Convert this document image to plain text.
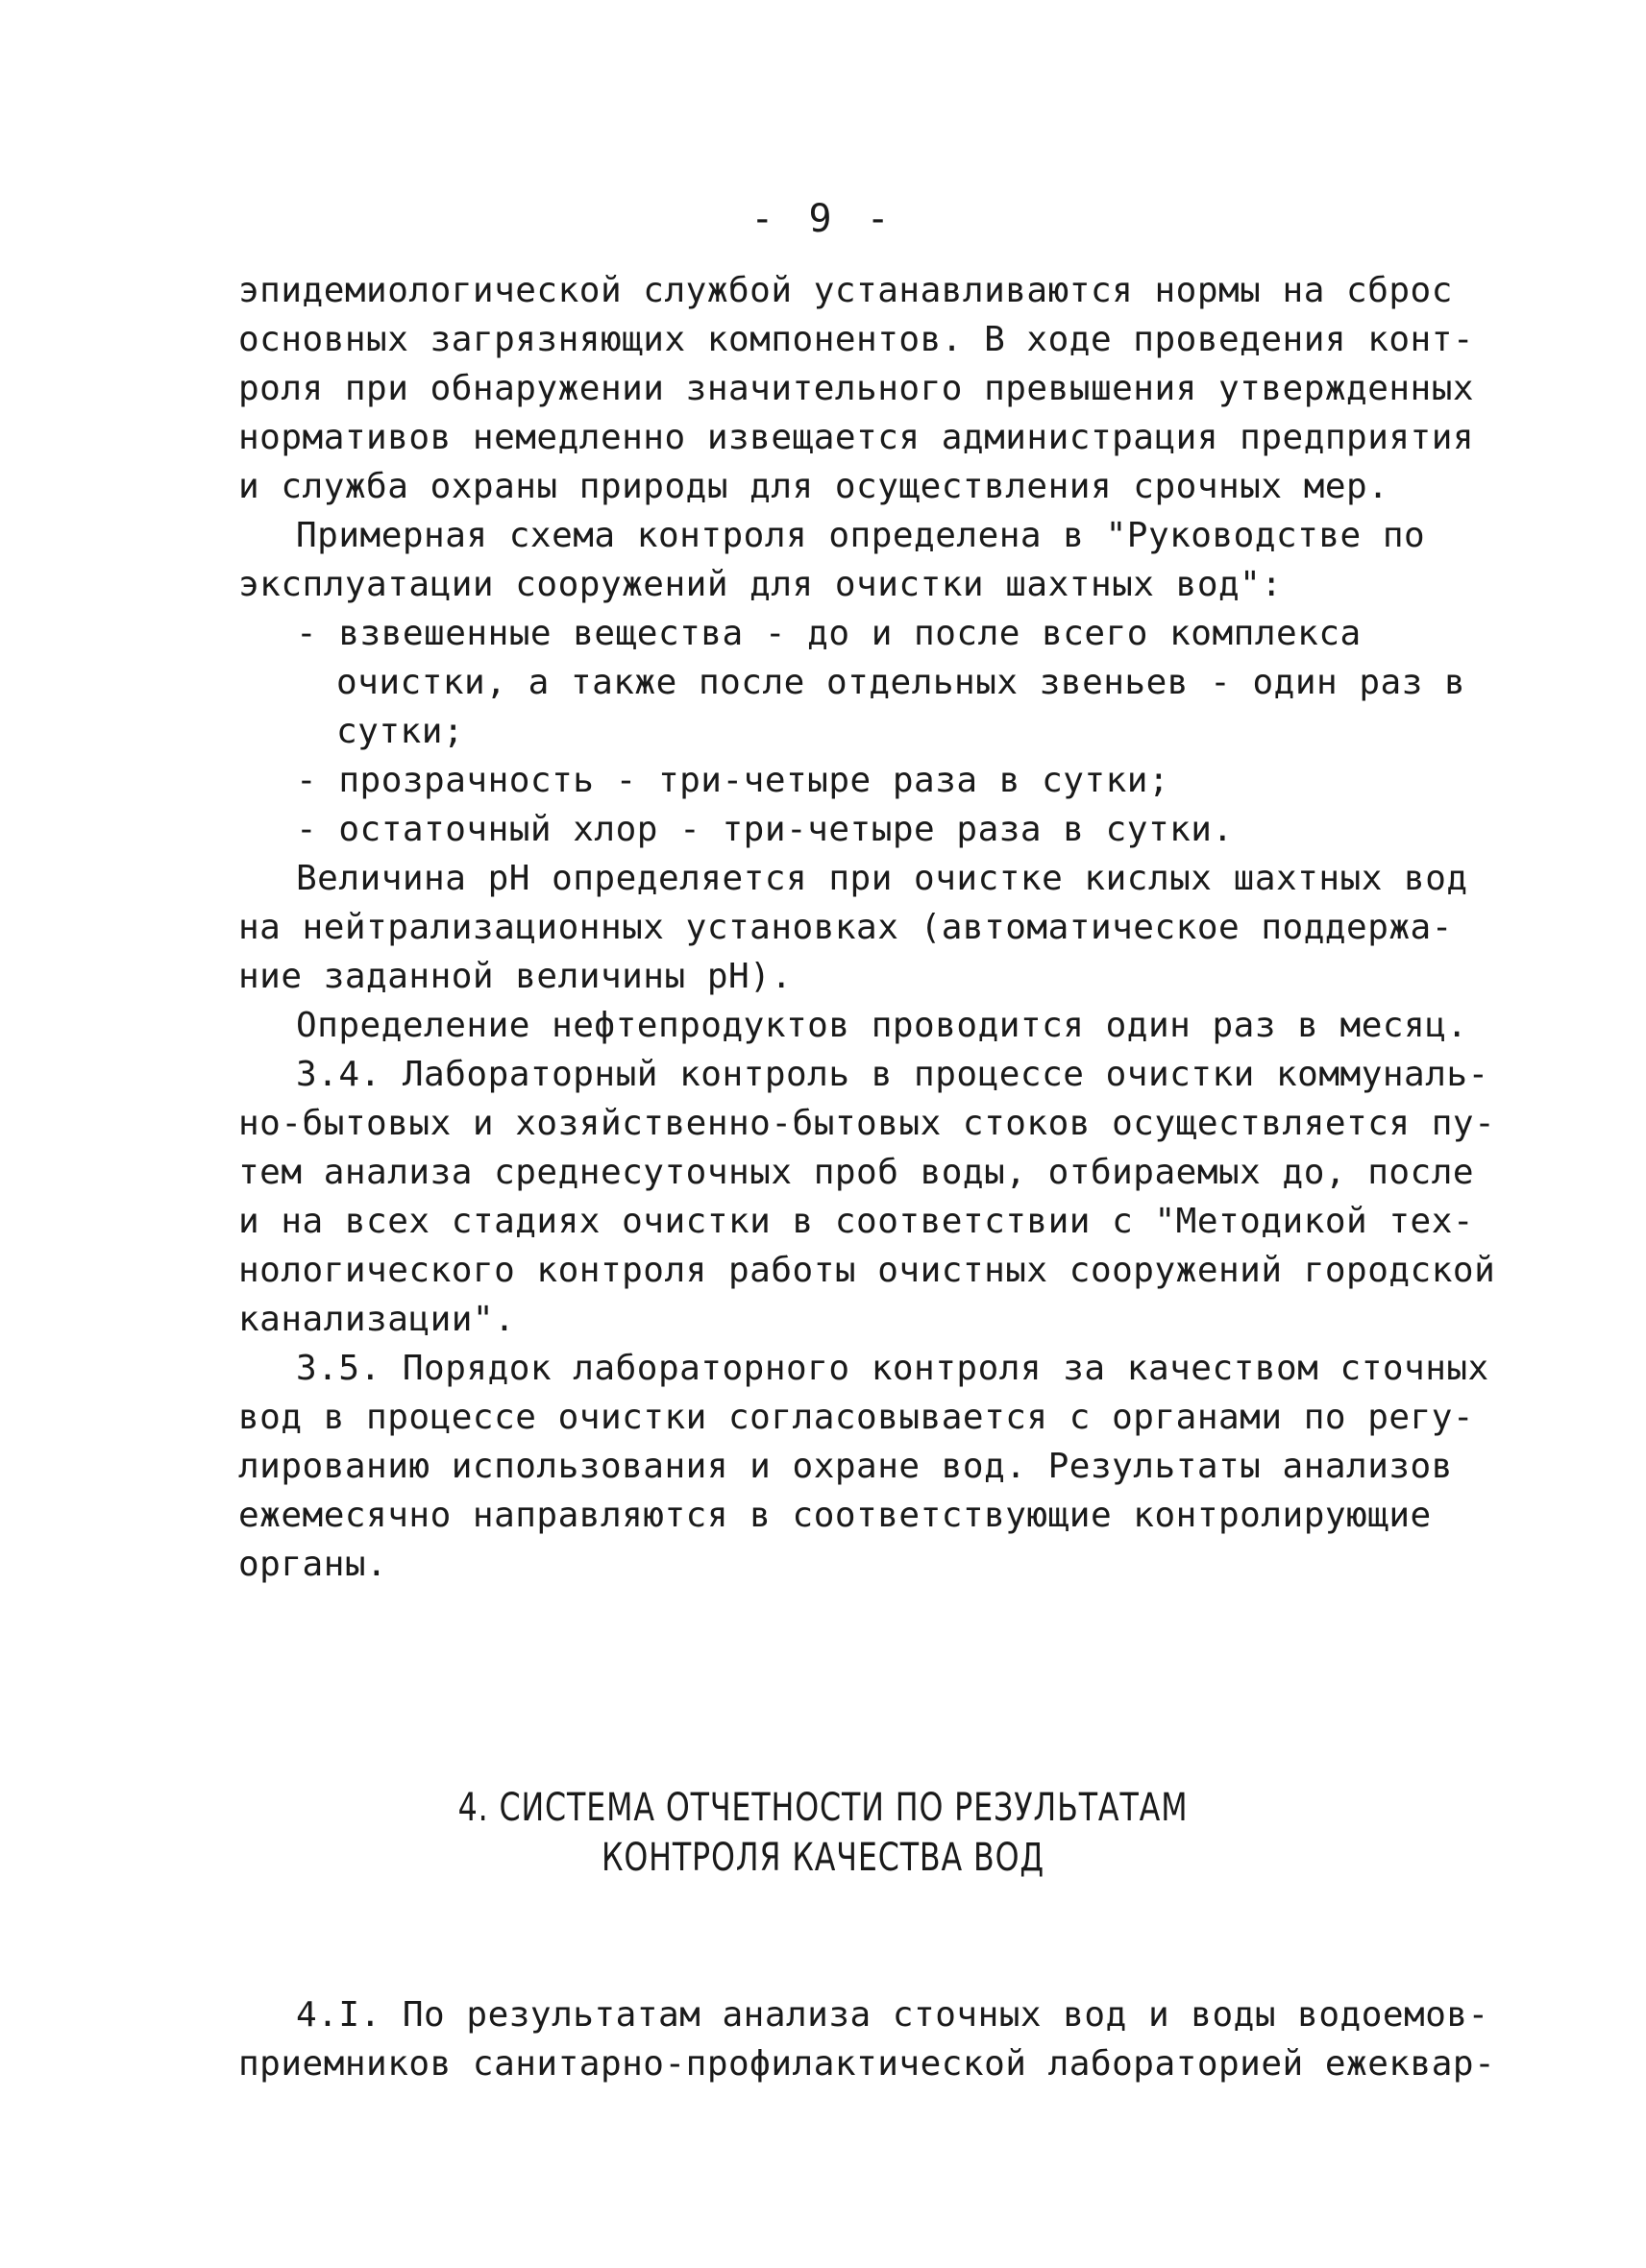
- 9 -
эпидемиологической службой устанавливаются нормы на сброс
основных загрязняющих компонентов. В ходе проведения конт-
роля при обнаружении значительного превышения утвержденных
нормативов немедленно извещается администрация предприятия
и служба охраны природы для осуществления срочных мер.
Примерная схема контроля определена в "Руководстве по
эксплуатации сооружений для очистки шахтных вод":
- взвешенные вещества - до и после всего комплекса
очистки, а также после отдельных звеньев - один раз в
сутки;
- прозрачность - три-четыре раза в сутки;
- остаточный хлор - три-четыре раза в сутки.
Величина pH определяется при очистке кислых шахтных вод
на нейтрализационных установках (автоматическое поддержа-
ние заданной величины pH).
Определение нефтепродуктов проводится один раз в месяц.
3.4. Лабораторный контроль в процессе очистки коммуналь-
но-бытовых и хозяйственно-бытовых стоков осуществляется пу-
тем анализа среднесуточных проб воды, отбираемых до, после
и на всех стадиях очистки в соответствии с "Методикой тех-
нологического контроля работы очистных сооружений городской
канализации".
3.5. Порядок лабораторного контроля за качеством сточных
вод в процессе очистки согласовывается с органами по регу-
лированию использования и охране вод. Результаты анализов
ежемесячно направляются в соответствующие контролирующие
органы.
4. СИСТЕМА ОТЧЕТНОСТИ ПО РЕЗУЛЬТАТАМ
КОНТРОЛЯ КАЧЕСТВА ВОД
4.I. По результатам анализа сточных вод и воды водоемов-
приемников санитарно-профилактической лабораторией ежеквар-
